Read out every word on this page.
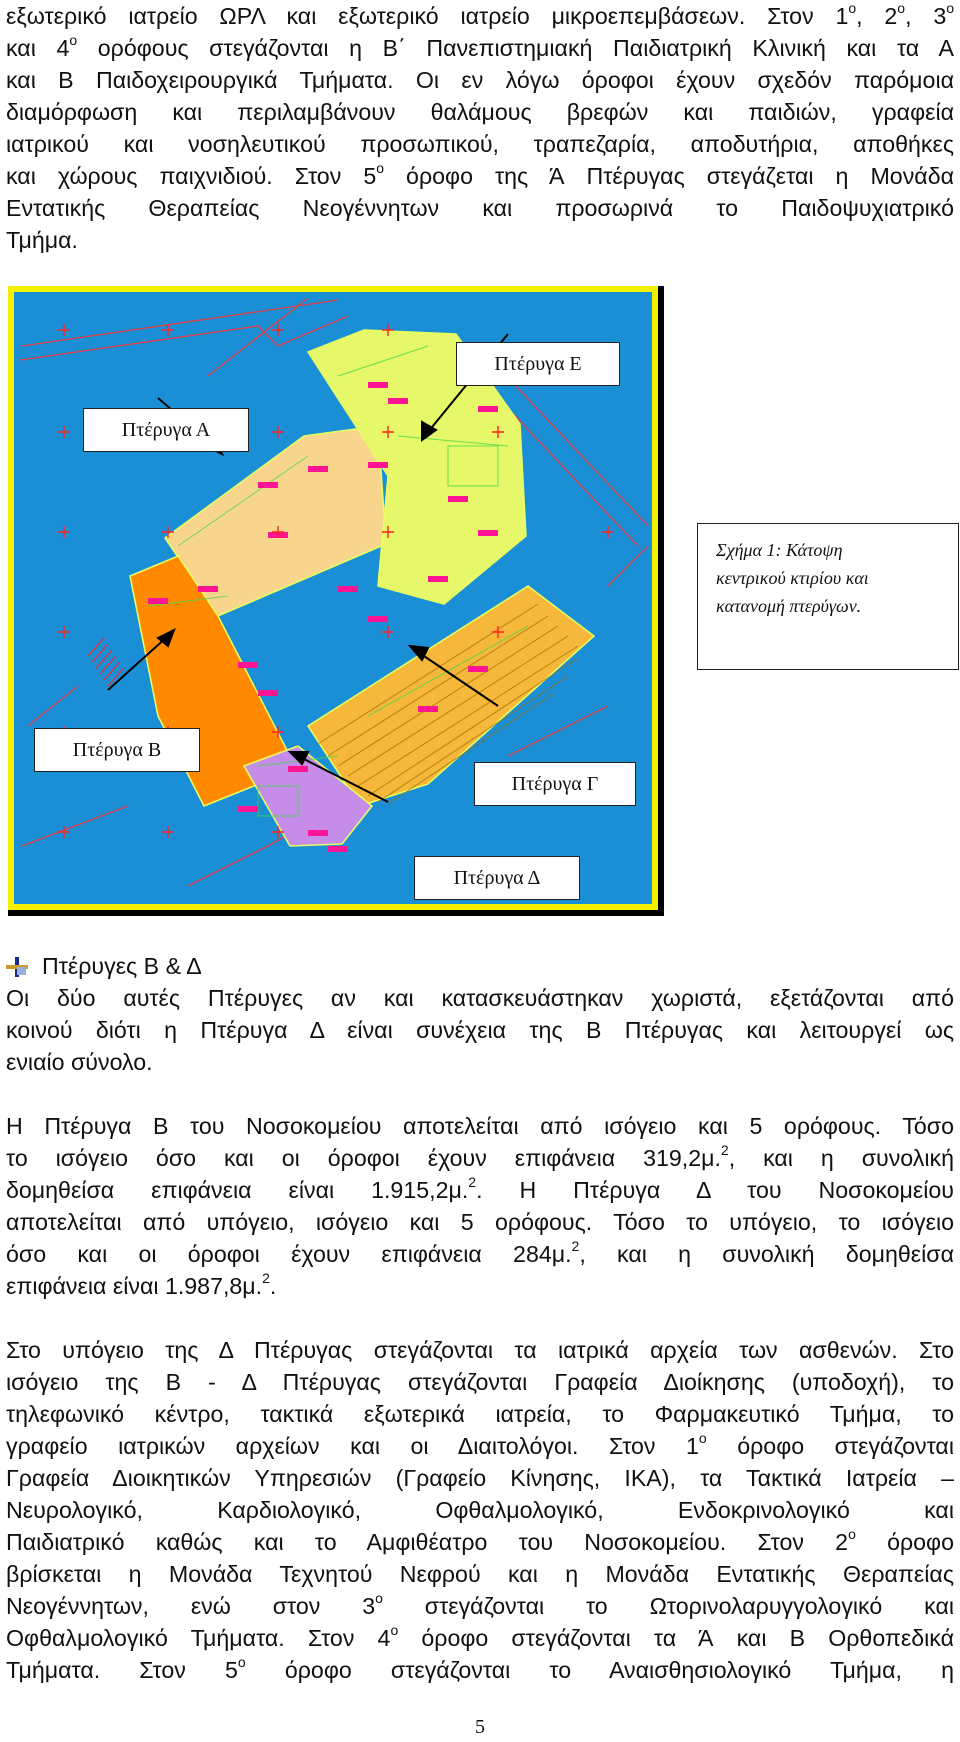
εξωτερικό ιατρείο ΩΡΛ και εξωτερικό ιατρείο μικροεπεμβάσεων. Στον $1^o$, $2^o$, $3^o$
και $4^o$ ορόφους στεγάζονται η Β΄ Πανεπιστημιακή Παιδιατρική Κλινική και τα Α
και Β Παιδοχειρουργικά Τμήματα. Οι εν λόγω όροφοι έχουν σχεδόν παρόμοια
διαμόρφωση και περιλαμβάνουν θαλάμους βρεφών και παιδιών, γραφεία
ιατρικού και νοσηλευτικού προσωπικού, τραπεζαρία, αποδυτήρια, αποθήκες
και χώρους παιχνιδιού. Στον $5^o$ όροφο της Ά Πτέρυγας στεγάζεται η Μονάδα
Εντατικής Θεραπείας Νεογέννητων και προσωρινά το Παιδοψυχιατρικό
Τμήμα.
Πτέρυγα Ε
Πτέρυγα Α
Πτέρυγα Β
Πτέρυγα Γ
Πτέρυγα Δ
Σχήμα 1: Κάτοψη
κεντρικού κτιρίου και
κατανομή πτερύγων.
Πτέρυγες Β & Δ
Οι δύο αυτές Πτέρυγες αν και κατασκευάστηκαν χωριστά, εξετάζονται από
κοινού διότι η Πτέρυγα Δ είναι συνέχεια της Β Πτέρυγας και λειτουργεί ως
ενιαίο σύνολο.
Η Πτέρυγα Β του Νοσοκομείου αποτελείται από ισόγειο και 5 ορόφους. Τόσο
το ισόγειο όσο και οι όροφοι έχουν επιφάνεια 319,2μ.$^2$, και η συνολική
δομηθείσα επιφάνεια είναι 1.915,2μ.$^2$. Η Πτέρυγα Δ του Νοσοκομείου
αποτελείται από υπόγειο, ισόγειο και 5 ορόφους. Τόσο το υπόγειο, το ισόγειο
όσο και οι όροφοι έχουν επιφάνεια 284μ.$^2$, και η συνολική δομηθείσα
επιφάνεια είναι 1.987,8μ.$^2$.
Στο υπόγειο της Δ Πτέρυγας στεγάζονται τα ιατρικά αρχεία των ασθενών. Στο
ισόγειο της Β - Δ Πτέρυγας στεγάζονται Γραφεία Διοίκησης (υποδοχή), το
τηλεφωνικό κέντρο, τακτικά εξωτερικά ιατρεία, το Φαρμακευτικό Τμήμα, το
γραφείο ιατρικών αρχείων και οι Διαιτολόγοι. Στον $1^o$ όροφο στεγάζονται
Γραφεία Διοικητικών Υπηρεσιών (Γραφείο Κίνησης, ΙΚΑ), τα Τακτικά Ιατρεία –
Νευρολογικό, Καρδιολογικό, Οφθαλμολογικό, Ενδοκρινολογικό και
Παιδιατρικό καθώς και το Αμφιθέατρο του Νοσοκομείου. Στον $2^o$ όροφο
βρίσκεται η Μονάδα Τεχνητού Νεφρού και η Μονάδα Εντατικής Θεραπείας
Νεογέννητων, ενώ στον $3^o$ στεγάζονται το Ωτορινολαρυγγολογικό και
Οφθαλμολογικό Τμήματα. Στον $4^o$ όροφο στεγάζονται τα Ά και Β Ορθοπεδικά
Τμήματα. Στον $5^o$ όροφο στεγάζονται το Αναισθησιολογικό Τμήμα, η
5
